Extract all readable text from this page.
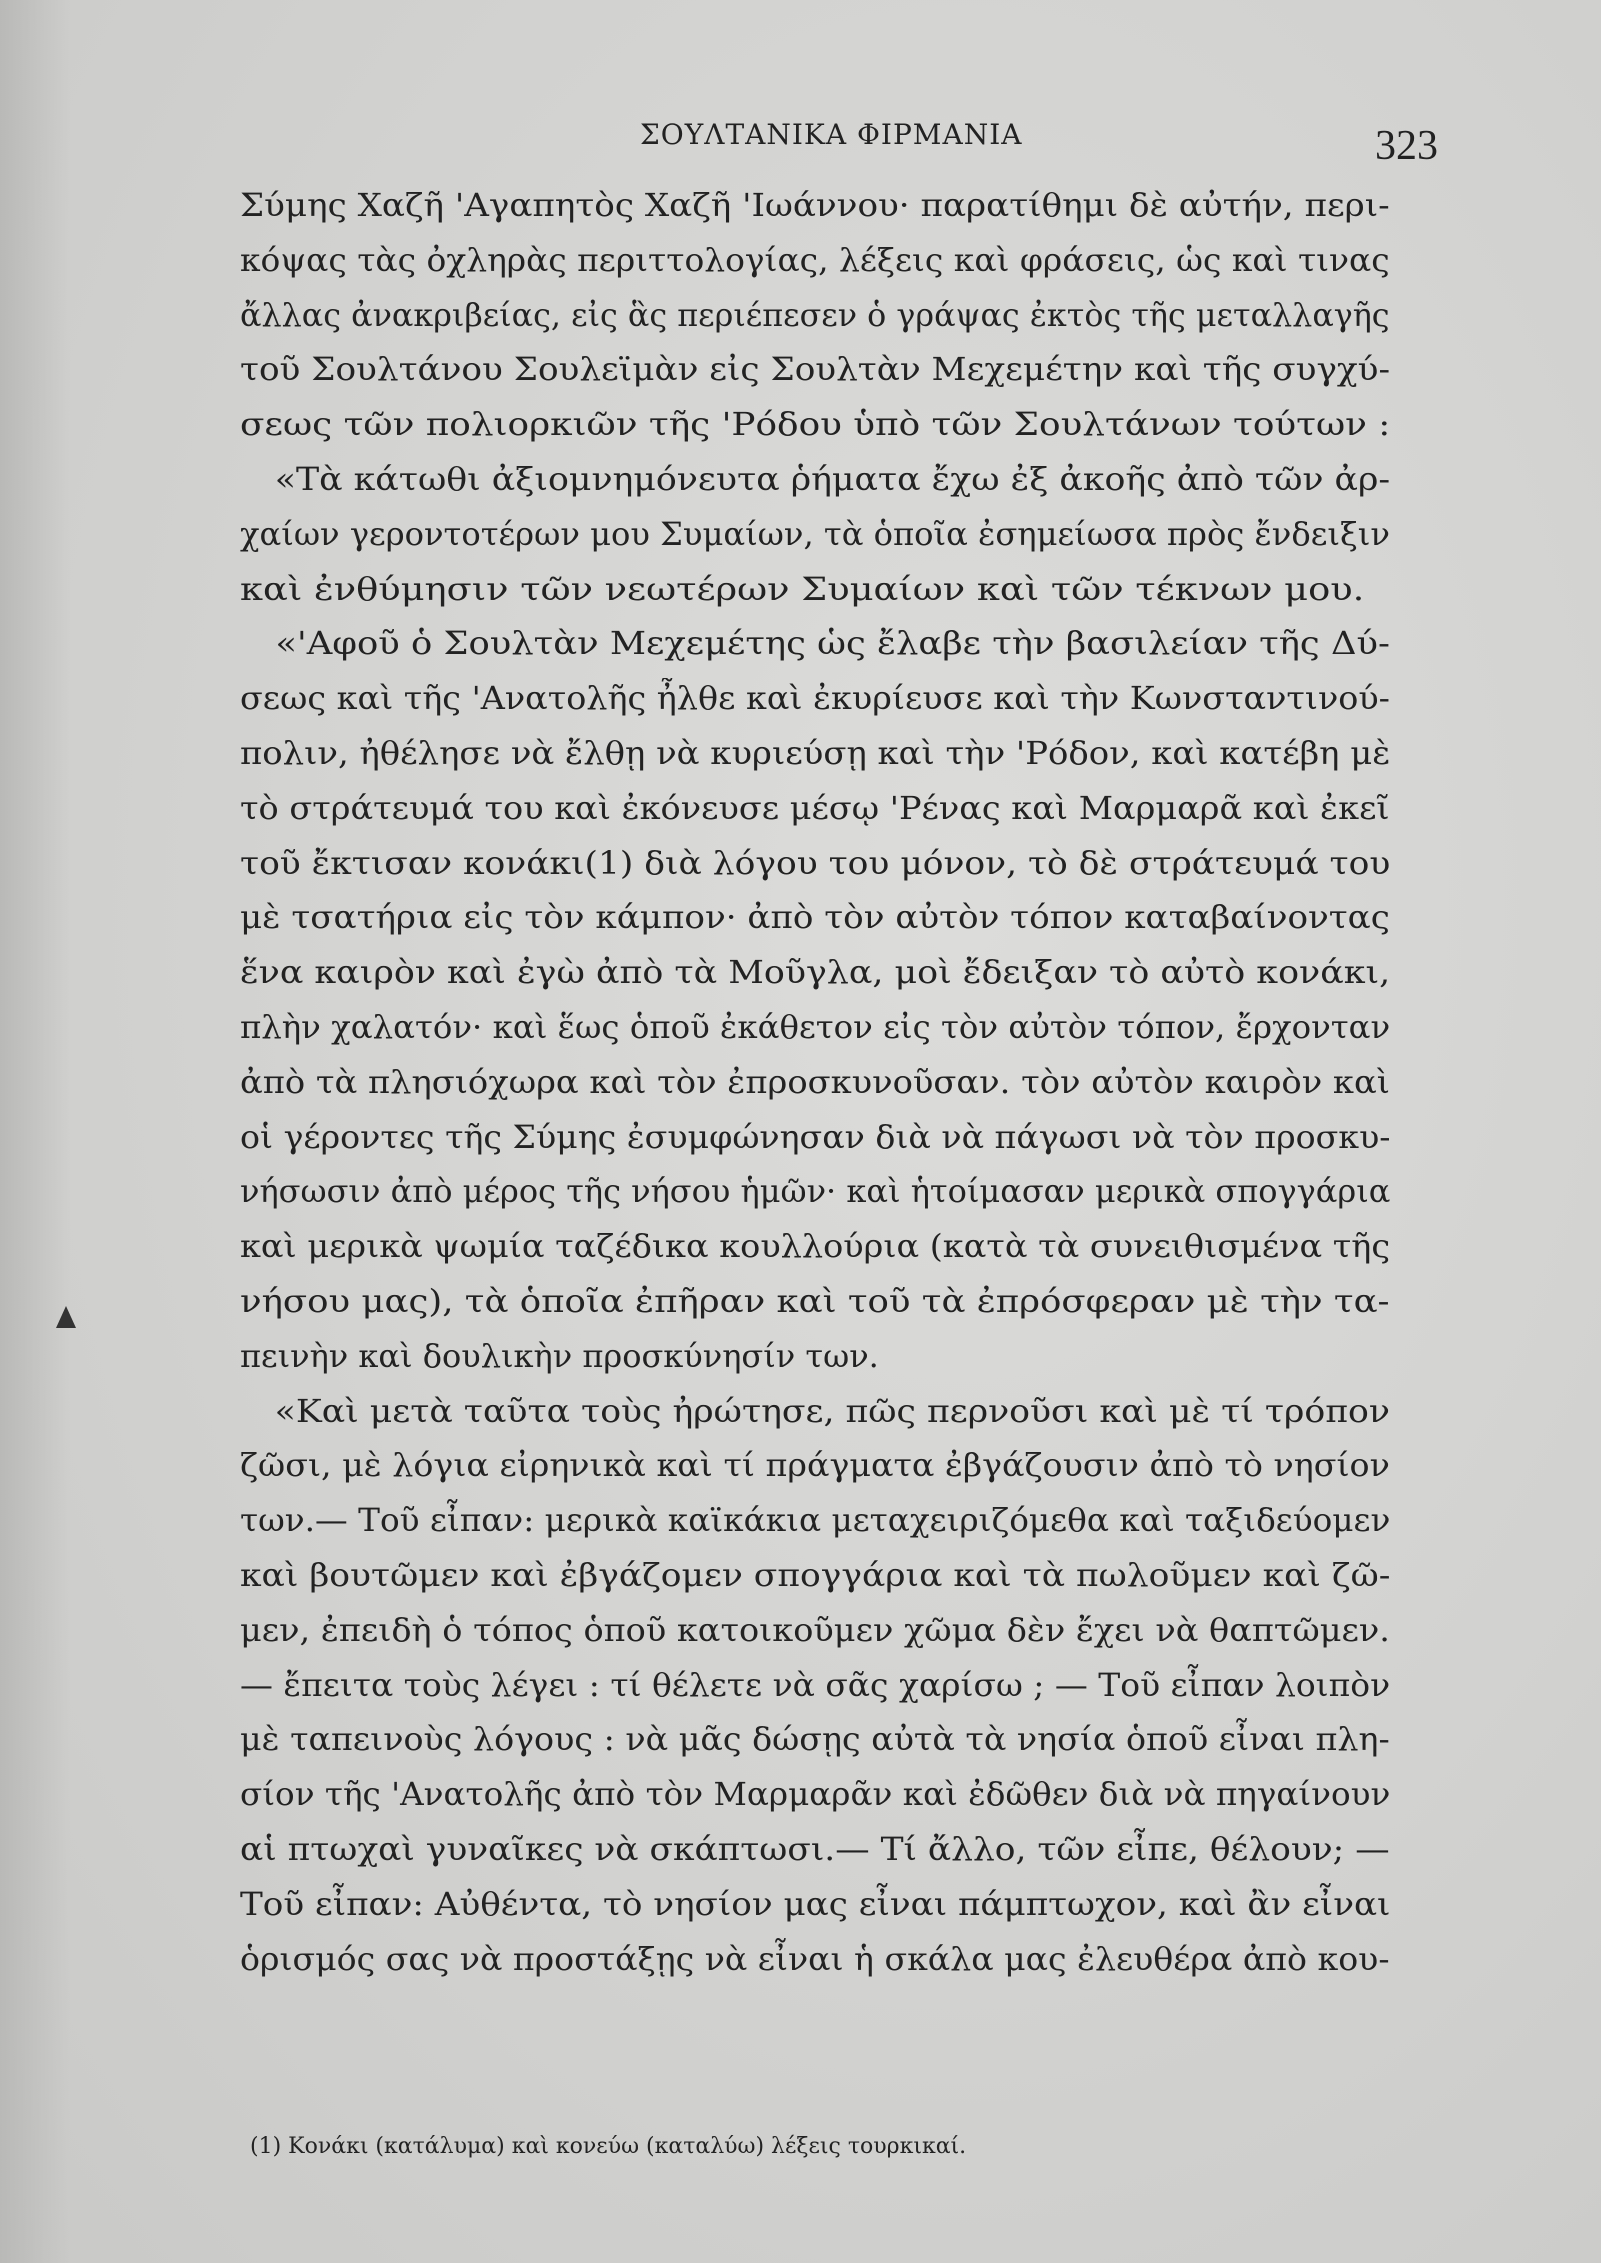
ΣΟΥΛΤΑΝΙΚΑ ΦΙΡΜΑΝΙΑ	323
Σύμης Χαζῆ 'Αγαπητὸς Χαζῆ 'Ιωάννου· παρατίθημι δὲ αὐτήν, περι-
κόψας τὰς ὀχληρὰς περιττολογίας, λέξεις καὶ φράσεις, ὡς καὶ τινας
ἄλλας ἀνακριβείας, εἰς ἃς περιέπεσεν ὁ γράψας ἐκτὸς τῆς μεταλλαγῆς
τοῦ Σουλτάνου Σουλεϊμὰν εἰς Σουλτὰν Μεχεμέτην καὶ τῆς συγχύ-
σεως τῶν πολιορκιῶν τῆς 'Ρόδου ὑπὸ τῶν Σουλτάνων τούτων :
«Τὰ κάτωθι ἀξιομνημόνευτα ῥήματα ἔχω ἐξ ἀκοῆς ἀπὸ τῶν ἀρ-
χαίων γεροντοτέρων μου Συμαίων, τὰ ὁποῖα ἐσημείωσα πρὸς ἔνδειξιν
καὶ ἐνθύμησιν τῶν νεωτέρων Συμαίων καὶ τῶν τέκνων μου.
«'Αφοῦ ὁ Σουλτὰν Μεχεμέτης ὡς ἔλαβε τὴν βασιλείαν τῆς Δύ-
σεως καὶ τῆς 'Ανατολῆς ἦλθε καὶ ἐκυρίευσε καὶ τὴν Κωνσταντινού-
πολιν, ἠθέλησε νὰ ἔλθῃ νὰ κυριεύσῃ καὶ τὴν 'Ρόδον, καὶ κατέβη μὲ
τὸ στράτευμά του καὶ ἐκόνευσε μέσῳ 'Ρένας καὶ Μαρμαρᾶ καὶ ἐκεῖ
τοῦ ἔκτισαν κονάκι(1) διὰ λόγου του μόνον, τὸ δὲ στράτευμά του
μὲ τσατήρια εἰς τὸν κάμπον· ἀπὸ τὸν αὐτὸν τόπον καταβαίνοντας
ἕνα καιρὸν καὶ ἐγὼ ἀπὸ τὰ Μοῦγλα, μοὶ ἔδειξαν τὸ αὐτὸ κονάκι,
πλὴν χαλατόν· καὶ ἕως ὁποῦ ἐκάθετον εἰς τὸν αὐτὸν τόπον, ἔρχονταν
ἀπὸ τὰ πλησιόχωρα καὶ τὸν ἐπροσκυνοῦσαν. τὸν αὐτὸν καιρὸν καὶ
οἱ γέροντες τῆς Σύμης ἐσυμφώνησαν διὰ νὰ πάγωσι νὰ τὸν προσκυ-
νήσωσιν ἀπὸ μέρος τῆς νήσου ἡμῶν· καὶ ἡτοίμασαν μερικὰ σπογγάρια
καὶ μερικὰ ψωμία ταζέδικα κουλλούρια (κατὰ τὰ συνειθισμένα τῆς
νήσου μας), τὰ ὁποῖα ἐπῆραν καὶ τοῦ τὰ ἐπρόσφεραν μὲ τὴν τα-
πεινὴν καὶ δουλικὴν προσκύνησίν των.
«Καὶ μετὰ ταῦτα τοὺς ἠρώτησε, πῶς περνοῦσι καὶ μὲ τί τρόπον
ζῶσι, μὲ λόγια εἰρηνικὰ καὶ τί πράγματα ἐβγάζουσιν ἀπὸ τὸ νησίον
των.— Τοῦ εἶπαν: μερικὰ καϊκάκια μεταχειριζόμεθα καὶ ταξιδεύομεν
καὶ βουτῶμεν καὶ ἐβγάζομεν σπογγάρια καὶ τὰ πωλοῦμεν καὶ ζῶ-
μεν, ἐπειδὴ ὁ τόπος ὁποῦ κατοικοῦμεν χῶμα δὲν ἔχει νὰ θαπτῶμεν.
— ἔπειτα τοὺς λέγει : τί θέλετε νὰ σᾶς χαρίσω ; — Τοῦ εἶπαν λοιπὸν
μὲ ταπεινοὺς λόγους : νὰ μᾶς δώσῃς αὐτὰ τὰ νησία ὁποῦ εἶναι πλη-
σίον τῆς 'Ανατολῆς ἀπὸ τὸν Μαρμαρᾶν καὶ ἐδῶθεν διὰ νὰ πηγαίνουν
αἱ πτωχαὶ γυναῖκες νὰ σκάπτωσι.— Τί ἄλλο, τῶν εἶπε, θέλουν; —
Τοῦ εἶπαν: Αὐθέντα, τὸ νησίον μας εἶναι πάμπτωχον, καὶ ἂν εἶναι
ὁρισμός σας νὰ προστάξῃς νὰ εἶναι ἡ σκάλα μας ἐλευθέρα ἀπὸ κου-
(1) Κονάκι (κατάλυμα) καὶ κονεύω (καταλύω) λέξεις τουρκικαί.
